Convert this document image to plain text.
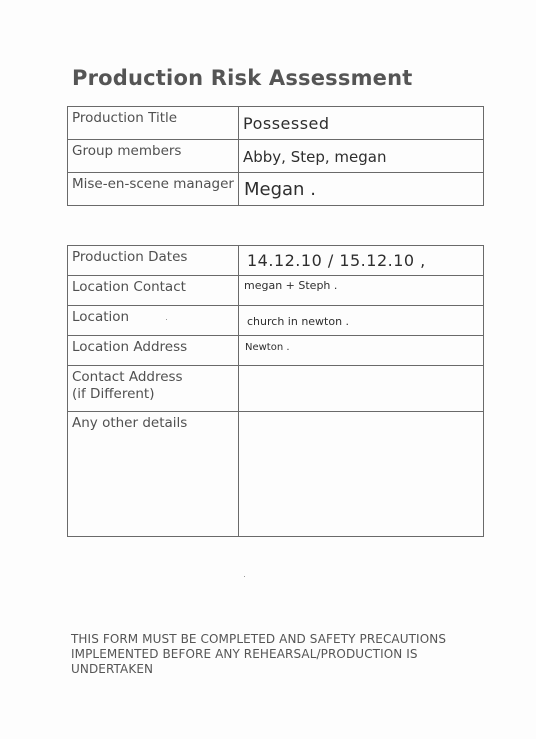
Production Risk Assessment
Production Title	Possessed

Group members	Abby, Step, megan

Mise-en-scene manager	Megan .
Production Dates	14.12.10 / 15.12.10 ,

Location Contact	megan + Steph .

Location	church in newton .

Location Address	Newton .

Contact Address
(if Different)	
Any other details	
THIS FORM MUST BE COMPLETED AND SAFETY PRECAUTIONS IMPLEMENTED BEFORE ANY REHEARSAL/PRODUCTION IS UNDERTAKEN
